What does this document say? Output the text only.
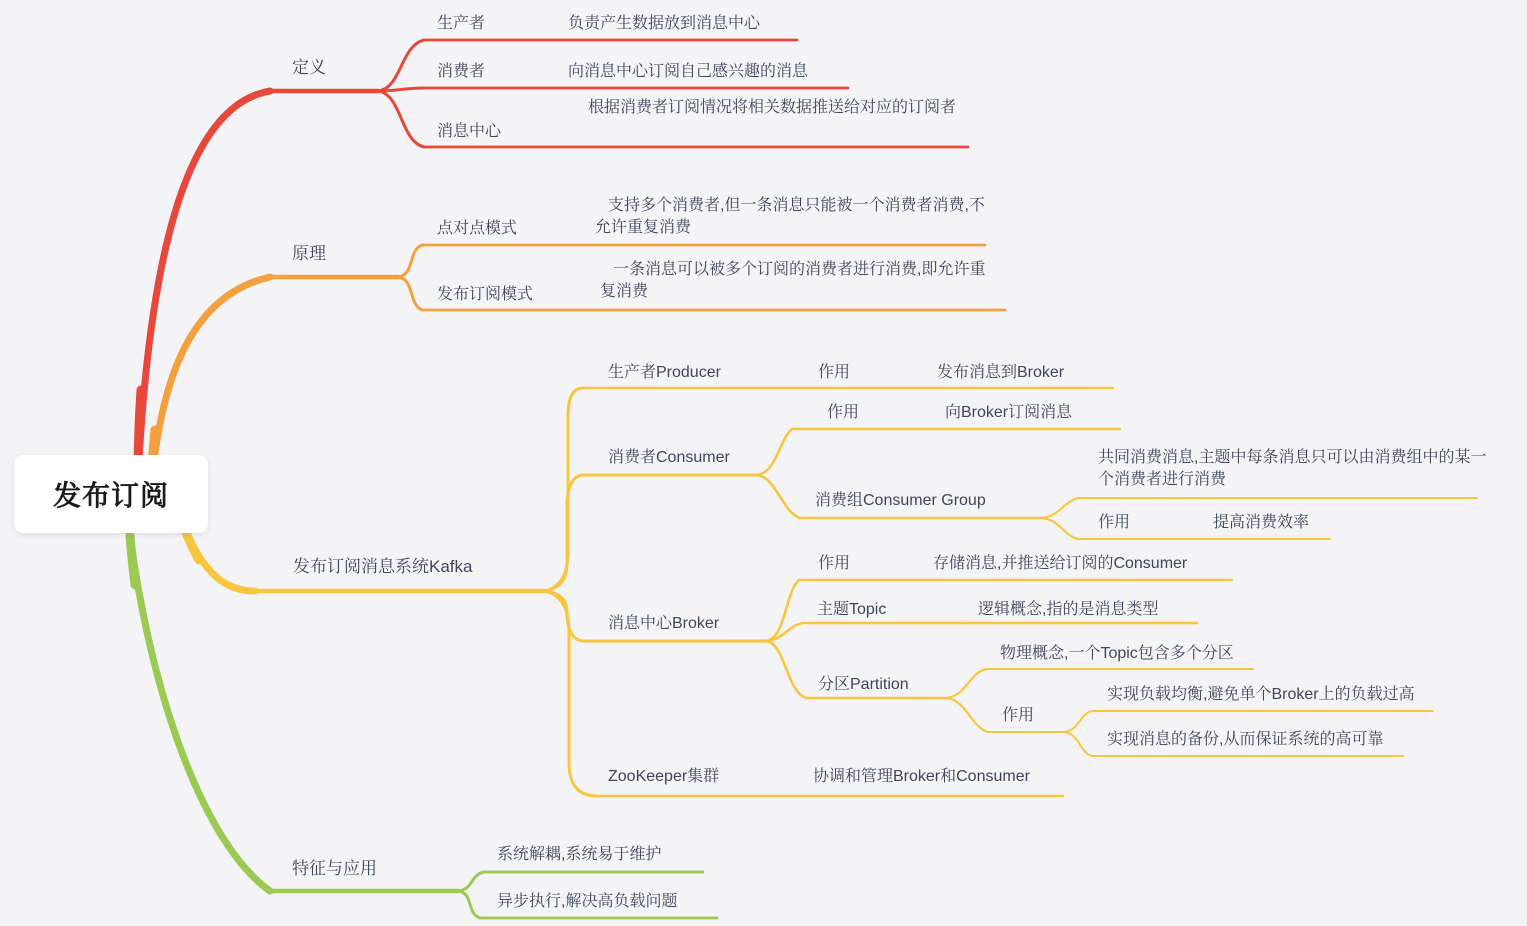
发布订阅
定义
生产者	负责产生数据放到消息中心
消费者	向消息中心订阅自己感兴趣的消息
消息中心
根据消费者订阅情况将相关数据推送给对应的订阅者
原理
点对点模式
支持多个消费者,但一条消息只能被一个消费者消费,不允许重复消费
发布订阅模式
一条消息可以被多个订阅的消费者进行消费,即允许重复消费
发布订阅消息系统Kafka
生产者Producer	作用	发布消息到Broker
消费者Consumer
作用	向Broker订阅消息
消费组Consumer Group
共同消费消息,主题中每条消息只可以由消费组中的某一个消费者进行消费
作用	提高消费效率
消息中心Broker
作用	存储消息,并推送给订阅的Consumer
主题Topic	逻辑概念,指的是消息类型
分区Partition
物理概念,一个Topic包含多个分区
作用
实现负载均衡,避免单个Broker上的负载过高
实现消息的备份,从而保证系统的高可靠
ZooKeeper集群	协调和管理Broker和Consumer
特征与应用
系统解耦,系统易于维护
异步执行,解决高负载问题
